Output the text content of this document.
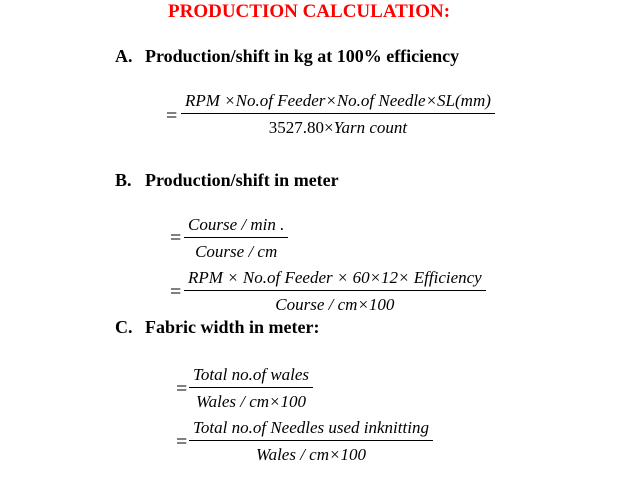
PRODUCTION CALCULATION:
A. Production/shift in kg at 100% efficiency
=
RPM ×No.of Feeder×No.of Needle×SL(mm)
3527.80×Yarn count
B. Production/shift in meter
=
Course / min .
Course / cm
=
RPM × No.of Feeder × 60×12× Efficiency
Course / cm×100
C. Fabric width in meter:
=
Total no.of wales
Wales / cm×100
=
Total no.of Needles used inknitting
Wales / cm×100
